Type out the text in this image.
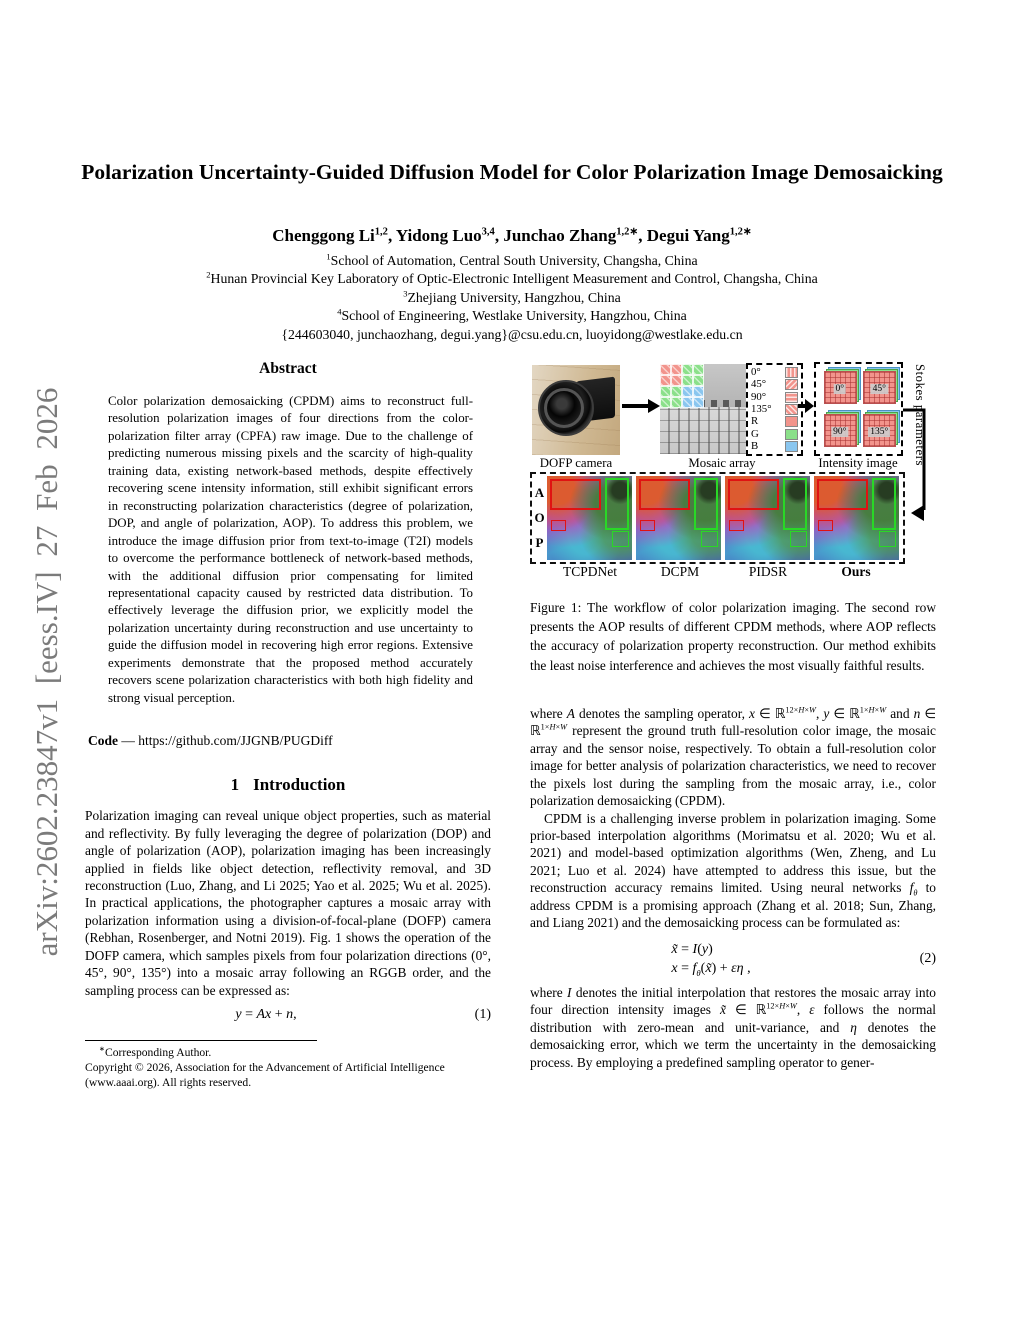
arXiv:2602.23847v1 [eess.IV] 27 Feb 2026
Polarization Uncertainty-Guided Diffusion Model for Color Polarization Image Demosaicking
Chenggong Li$^{1,2}$, Yidong Luo$^{3,4}$, Junchao Zhang$^{1,2∗}$, Degui Yang$^{1,2∗}$
$^1$School of Automation, Central South University, Changsha, China
$^2$Hunan Provincial Key Laboratory of Optic-Electronic Intelligent Measurement and Control, Changsha, China
$^3$Zhejiang University, Hangzhou, China
$^4$School of Engineering, Westlake University, Hangzhou, China
{244603040, junchaozhang, degui.yang}@csu.edu.cn, luoyidong@westlake.edu.cn
Abstract
Color polarization demosaicking (CPDM) aims to reconstruct full-resolution polarization images of four directions from the color-polarization filter array (CPFA) raw image. Due to the challenge of predicting numerous missing pixels and the scarcity of high-quality training data, existing network-based methods, despite effectively recovering scene intensity information, still exhibit significant errors in reconstructing polarization characteristics (degree of polarization, DOP, and angle of polarization, AOP). To address this problem, we introduce the image diffusion prior from text-to-image (T2I) models to overcome the performance bottleneck of network-based methods, with the additional diffusion prior compensating for limited representational capacity caused by restricted data distribution. To effectively leverage the diffusion prior, we explicitly model the polarization uncertainty during reconstruction and use uncertainty to guide the diffusion model in recovering high error regions. Extensive experiments demonstrate that the proposed method accurately recovers scene polarization characteristics with both high fidelity and strong visual perception.
Code — https://github.com/JJGNB/PUGDiff
1 Introduction
Polarization imaging can reveal unique object properties, such as material and reflectivity. By fully leveraging the degree of polarization (DOP) and angle of polarization (AOP), polarization imaging has been increasingly applied in fields like object detection, reflectivity removal, and 3D reconstruction (Luo, Zhang, and Li 2025; Yao et al. 2025; Wu et al. 2025). In practical applications, the photographer captures a mosaic array with polarization information using a division-of-focal-plane (DOFP) camera (Rebhan, Rosenberger, and Notni 2019). Fig. 1 shows the operation of the DOFP camera, which samples pixels from four polarization directions (0°, 45°, 90°, 135°) into a mosaic array following an RGGB order, and the sampling process can be expressed as:
y = Ax + n,	(1)
∗Corresponding Author.
Copyright © 2026, Association for the Advancement of Artificial Intelligence (www.aaai.org). All rights reserved.
DOFP camera	Mosaic array
0°
45°
90°
135°
R
G
B
0°	45°
90°	135°
Intensity image Stokes parameters
A
O
P
TCPDNet	DCPM	PIDSR	Ours
Figure 1: The workflow of color polarization imaging. The second row presents the AOP results of different CPDM methods, where AOP reflects the accuracy of polarization property reconstruction. Our method exhibits the least noise interference and achieves the most visually faithful results.
where A denotes the sampling operator, x ∈ ℝ$^{12\times H\times W}$, y ∈ ℝ$^{1\times H\times W}$ and n ∈ ℝ$^{1\times H\times W}$ represent the ground truth full-resolution color image, the mosaic array and the sensor noise, respectively. To obtain a full-resolution color image for better analysis of polarization characteristics, we need to recover the pixels lost during the sampling from the mosaic array, i.e., color polarization demosaicking (CPDM).
CPDM is a challenging inverse problem in polarization imaging. Some prior-based interpolation algorithms (Morimatsu et al. 2020; Wu et al. 2021) and model-based optimization algorithms (Wen, Zheng, and Lu 2021; Luo et al. 2024) have attempted to address this issue, but the reconstruction accuracy remains limited. Using neural networks $f_\theta$ to address CPDM is a promising approach (Zhang et al. 2018; Sun, Zhang, and Liang 2021) and the demosaicking process can be formulated as:
x̃ = I(y)
$x = f_\theta(x̃) + \varepsilon\eta$ ,
(2)
where I denotes the initial interpolation that restores the mosaic array into four direction intensity images x̃ ∈ ℝ$^{12\times H\times W}$, ε follows the normal distribution with zero-mean and unit-variance, and η denotes the demosaicking error, which we term the uncertainty in the demosaicking process. By employing a predefined sampling operator to gener-
